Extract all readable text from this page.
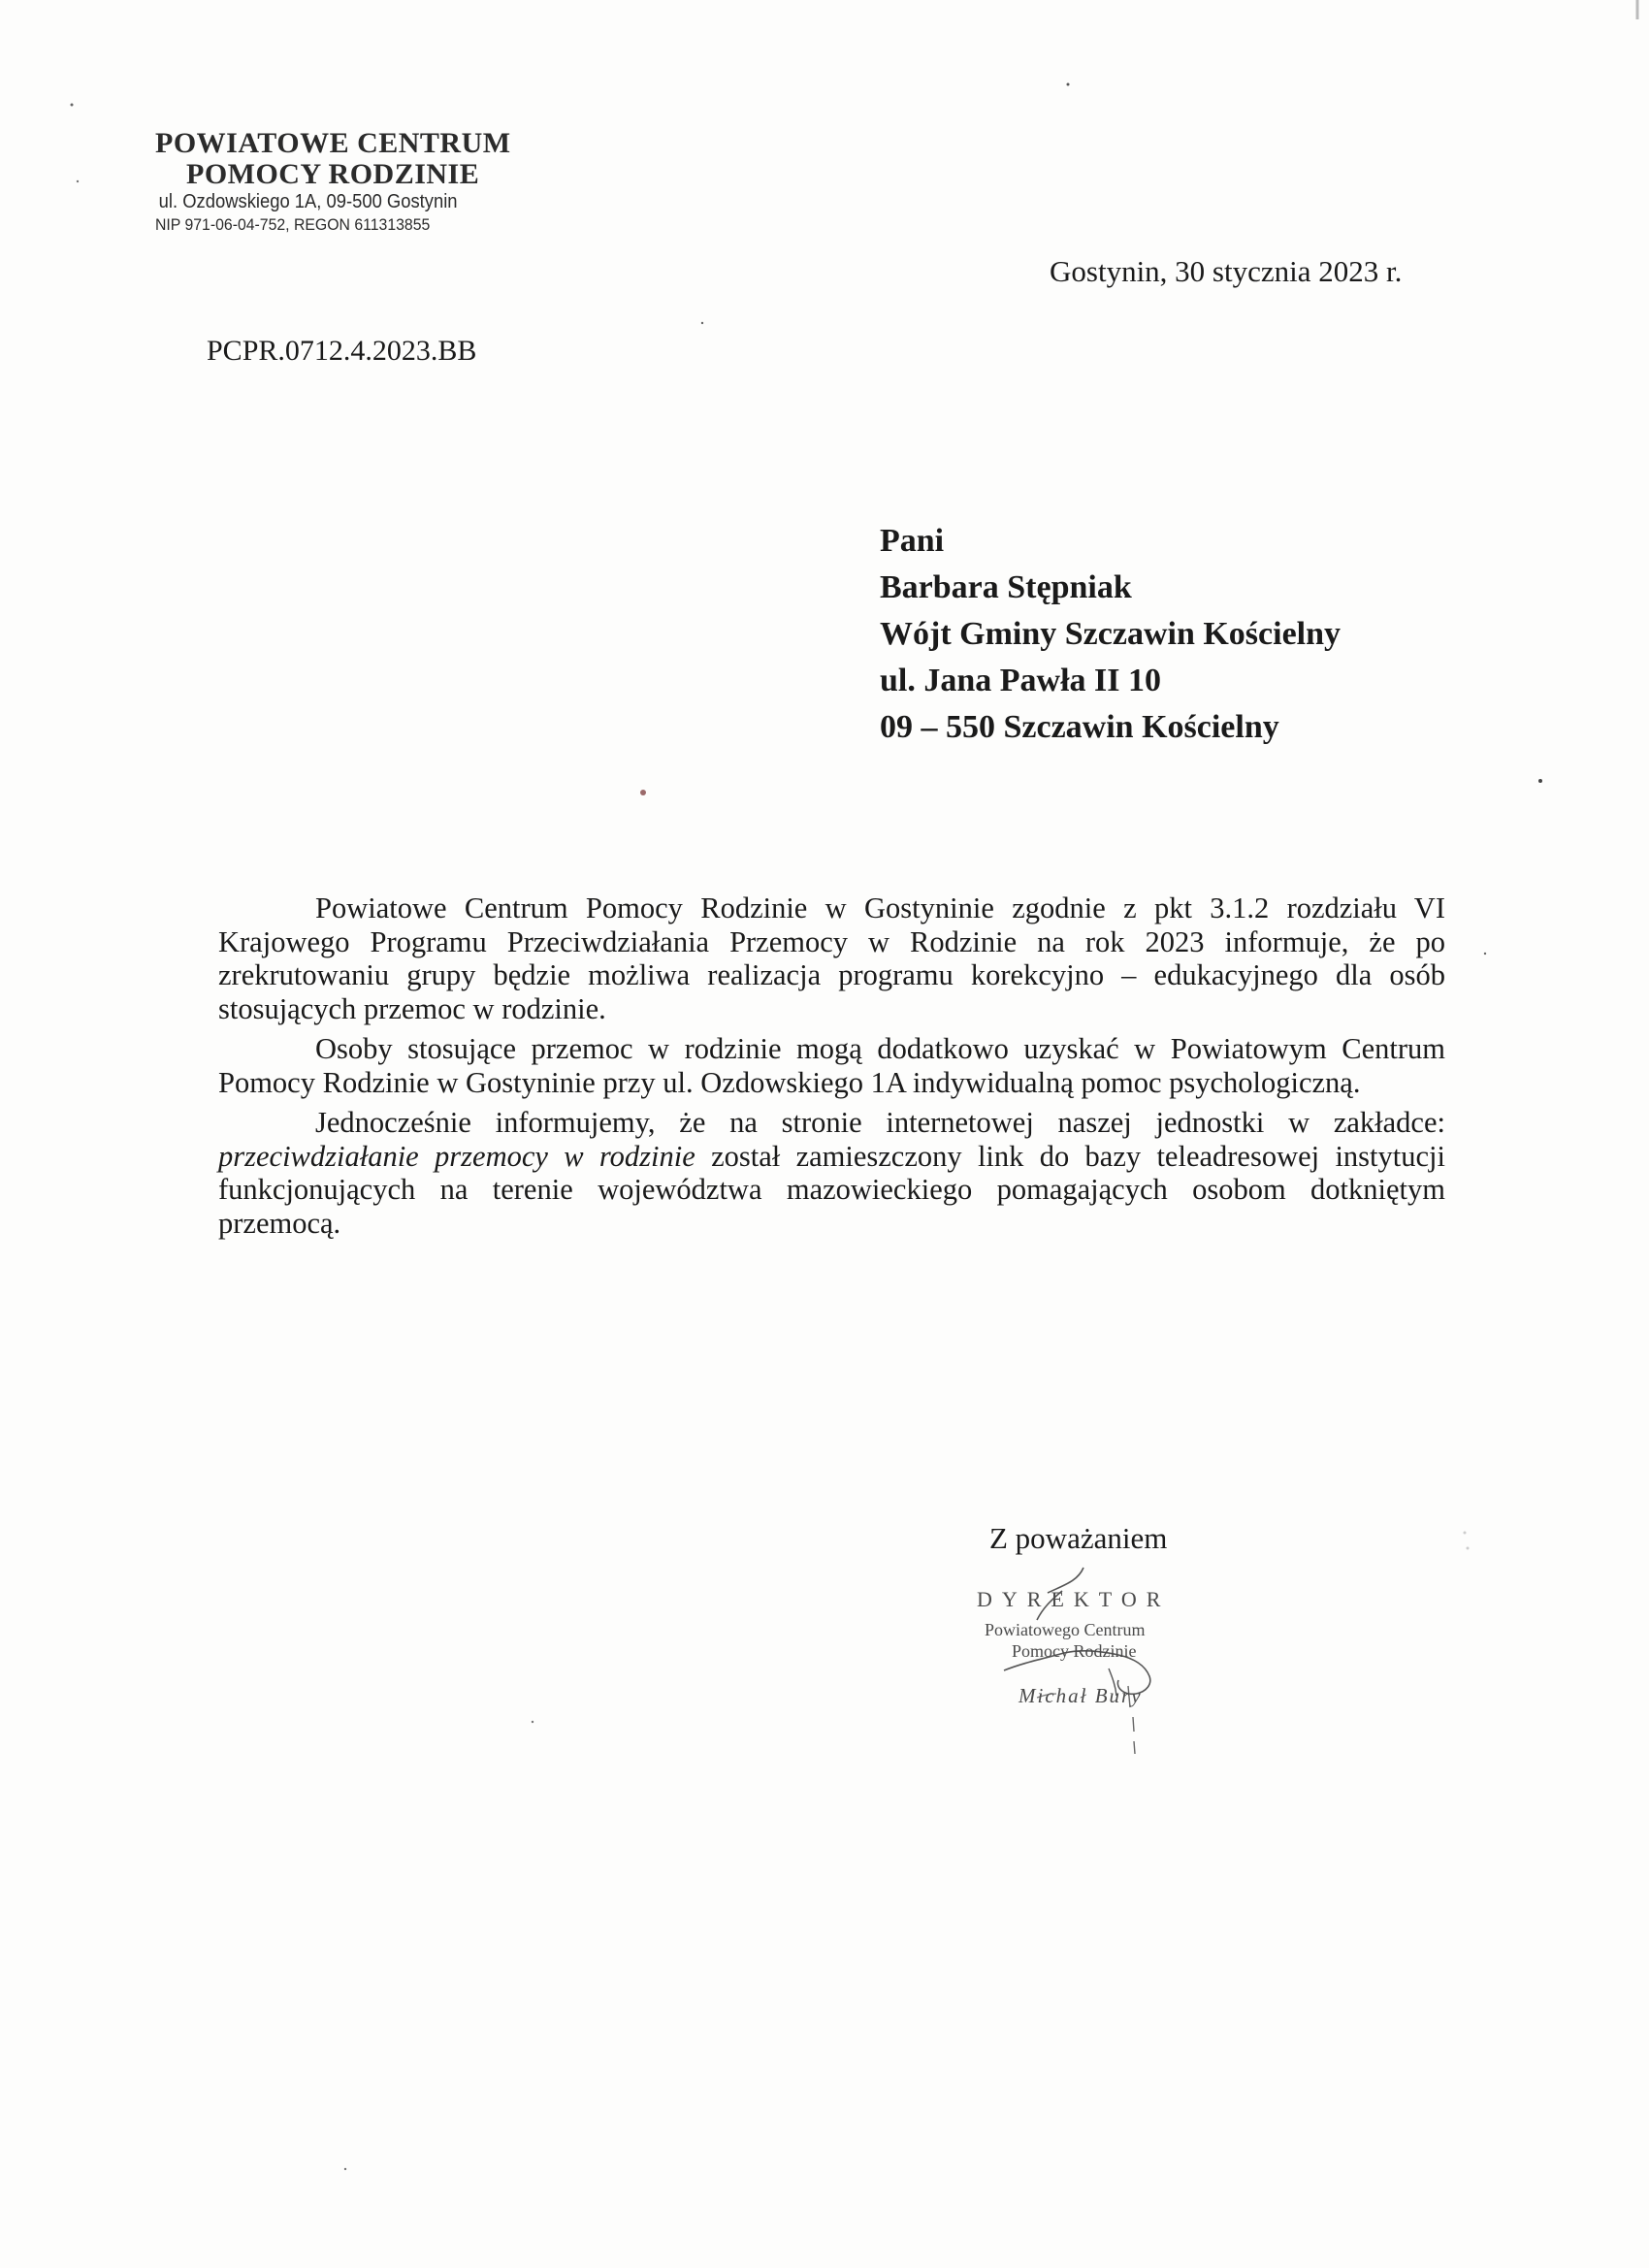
POWIATOWE CENTRUM
POMOCY RODZINIE
ul. Ozdowskiego 1A, 09-500 Gostynin
NIP 971-06-04-752, REGON 611313855
Gostynin, 30 stycznia 2023 r.
PCPR.0712.4.2023.BB
Pani
Barbara Stępniak
Wójt Gminy Szczawin Kościelny
ul. Jana Pawła II 10
09 – 550 Szczawin Kościelny

Powiatowe Centrum Pomocy Rodzinie w Gostyninie zgodnie z pkt 3.1.2 rozdziału VI Krajowego Programu Przeciwdziałania Przemocy w Rodzinie na rok 2023 informuje, że po zrekrutowaniu grupy będzie możliwa realizacja programu korekcyjno – edukacyjnego dla osób stosujących przemoc w rodzinie.

Osoby stosujące przemoc w rodzinie mogą dodatkowo uzyskać w Powiatowym Centrum Pomocy Rodzinie w Gostyninie przy ul. Ozdowskiego 1A indywidualną pomoc psychologiczną.

Jednocześnie informujemy, że na stronie internetowej naszej jednostki w zakładce: przeciwdziałanie przemocy w rodzinie został zamieszczony link do bazy teleadresowej instytucji funkcjonujących na terenie województwa mazowieckiego pomagających osobom dotkniętym przemocą.

Z poważaniem
DYREKTOR
Powiatowego Centrum
Pomocy Rodzinie
Michał Bury
